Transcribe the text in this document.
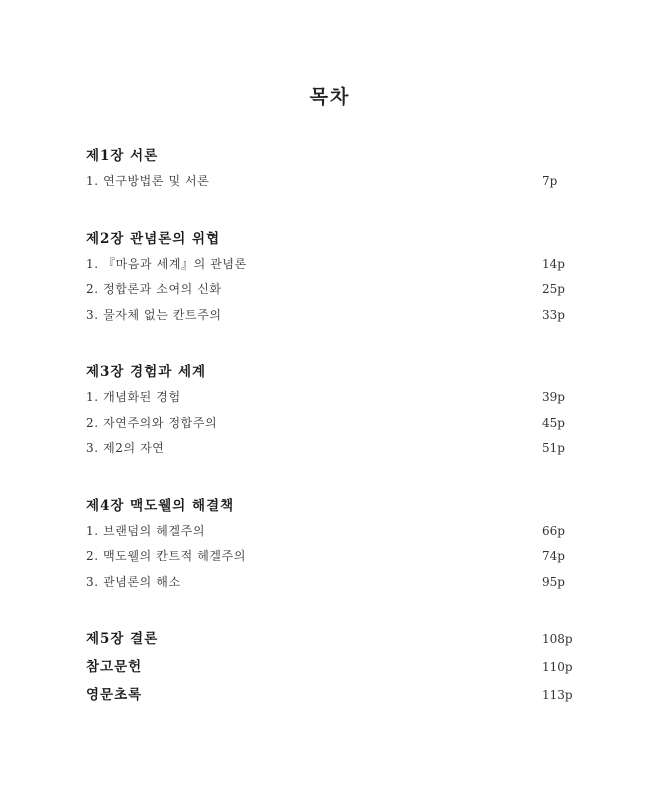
목차
제1장 서론
1. 연구방법론 및 서론	7p
제2장 관념론의 위협
1. 『마음과 세계』의 관념론	14p
2. 정합론과 소여의 신화	25p
3. 물자체 없는 칸트주의	33p
제3장 경험과 세계
1. 개념화된 경험	39p
2. 자연주의와 정합주의	45p
3. 제2의 자연	51p
제4장 맥도웰의 해결책
1. 브랜덤의 헤겔주의	66p
2. 맥도웰의 칸트적 헤겔주의	74p
3. 관념론의 해소	95p
제5장 결론	108p
참고문헌	110p
영문초록	113p
